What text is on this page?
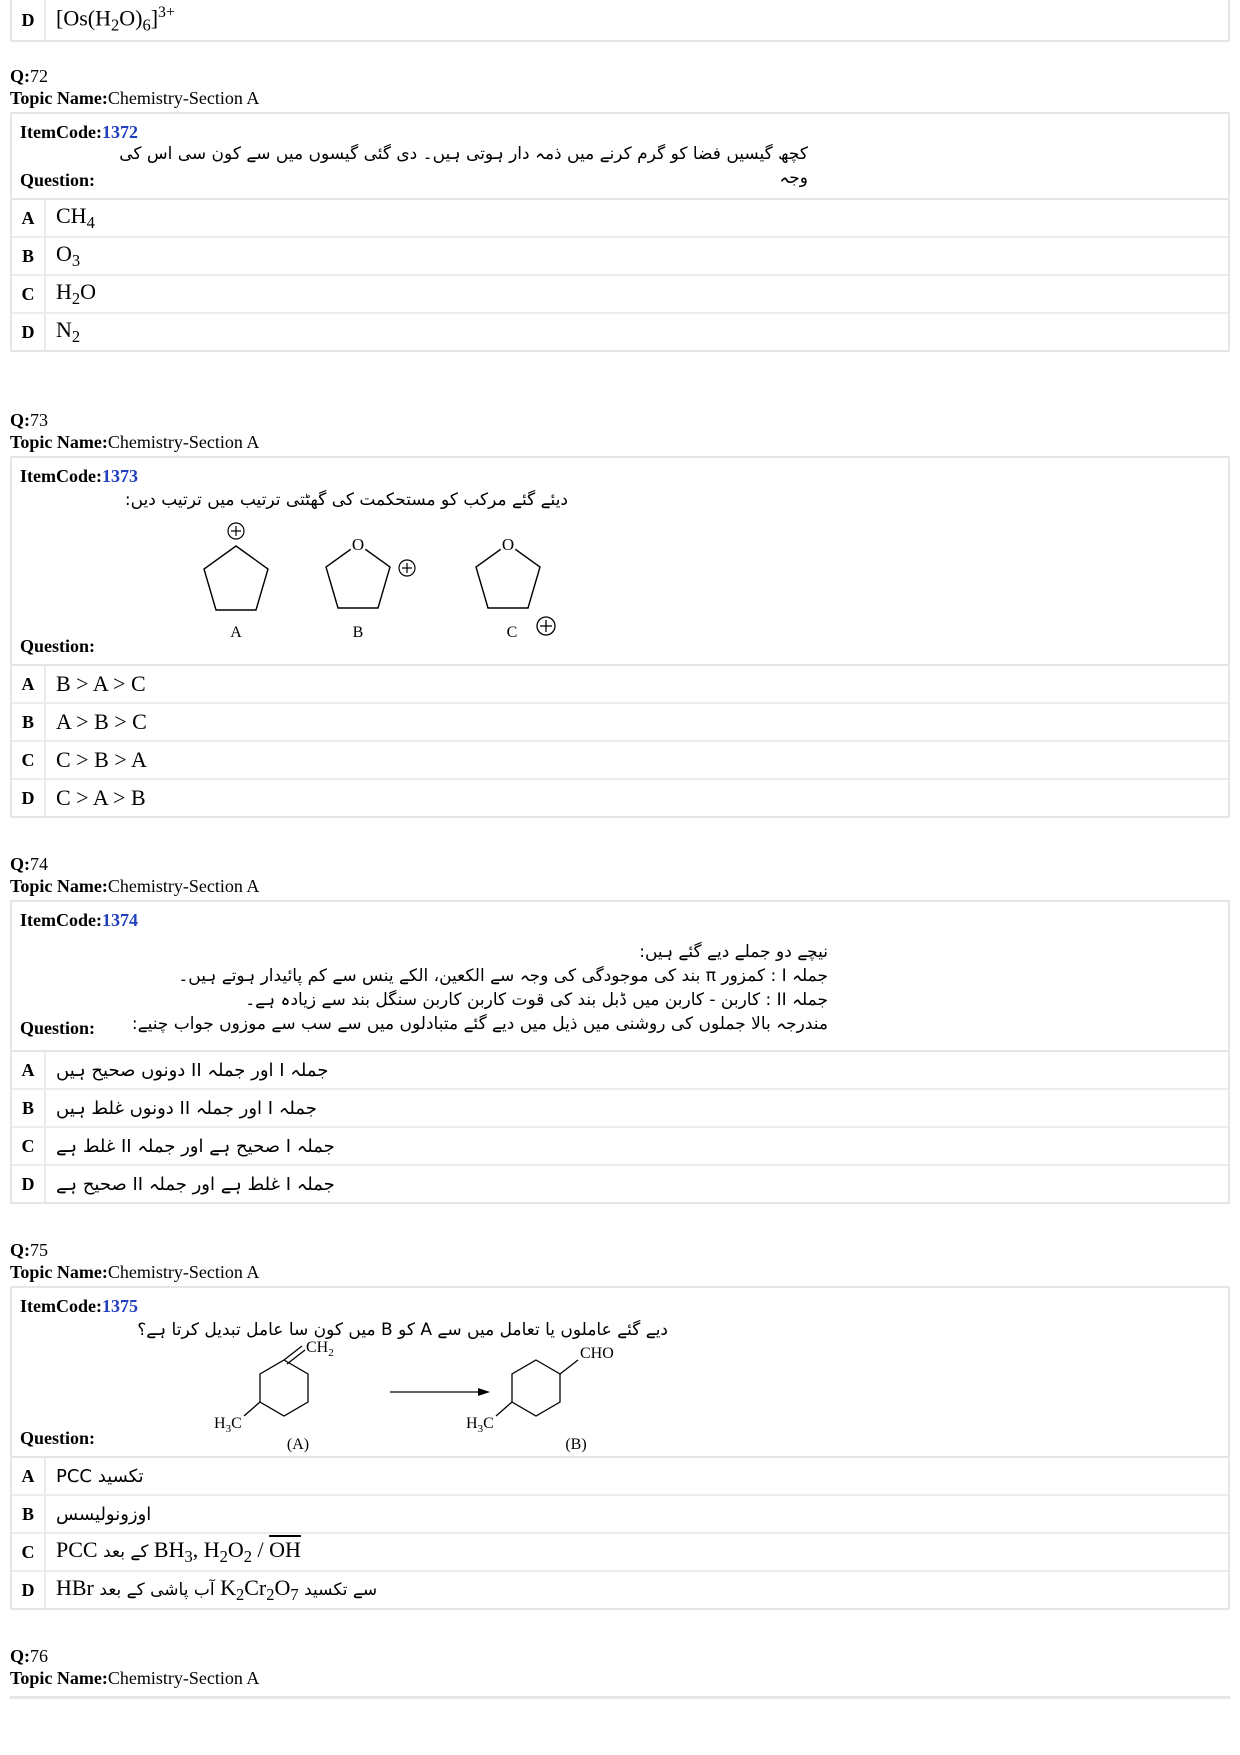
D $[Os(H_2O)_6]^{3+}$
Q:72
Topic Name:Chemistry-Section A
ItemCode:1372
کچھ گیسیں فضا کو گرم کرنے میں ذمہ دار ہوتی ہیں۔ دی گئی گیسوں میں سے کون سی اس کی وجہ
Question:
A $CH_4$
B	$O_3$
C $H_2O$
D $N_2$
Q:73
Topic Name:Chemistry-Section A
ItemCode:1373
دیئے گئے مرکب کو مستحکمت کی گھٹتی ترتیب میں ترتیب دیں:
A
O
B
O
C
Question:
A B > A > C
B	A > B > C
C C > B > A
D C > A > B
Q:74
Topic Name:Chemistry-Section A
ItemCode:1374
نیچے دو جملے دیے گئے ہیں:
جملہ I : کمزور π بند کی موجودگی کی وجہ سے الکعین، الکے ینس سے کم پائیدار ہوتے ہیں۔
جملہ II : کاربن - کاربن میں ڈبل بند کی قوت کاربن کاربن سنگل بند سے زیادہ ہے۔
مندرجہ بالا جملوں کی روشنی میں ذیل میں دیے گئے متبادلوں میں سے سب سے موزوں جواب چنیے:
Question:
A	جملہ I اور جملہ II دونوں صحیح ہیں
B	جملہ I اور جملہ II دونوں غلط ہیں
C	جملہ I صحیح ہے اور جملہ II غلط ہے
D	جملہ I غلط ہے اور جملہ II صحیح ہے
Q:75
Topic Name:Chemistry-Section A
ItemCode:1375
دیے گئے عاملوں یا تعامل میں سے A کو B میں کون سا عامل تبدیل کرتا ہے؟
$CH_2$
$H_3C$
(A)
CHO
$H_3C$
(B)
Question:
A	PCC تکسید
B	اوزونولیسس
C PCC کے بعد $BH_3$, $H_2O_2 / \overline{OH}$
D HBr آب پاشی کے بعد $K_2Cr_2O_7$ سے تکسید
Q:76
Topic Name:Chemistry-Section A
